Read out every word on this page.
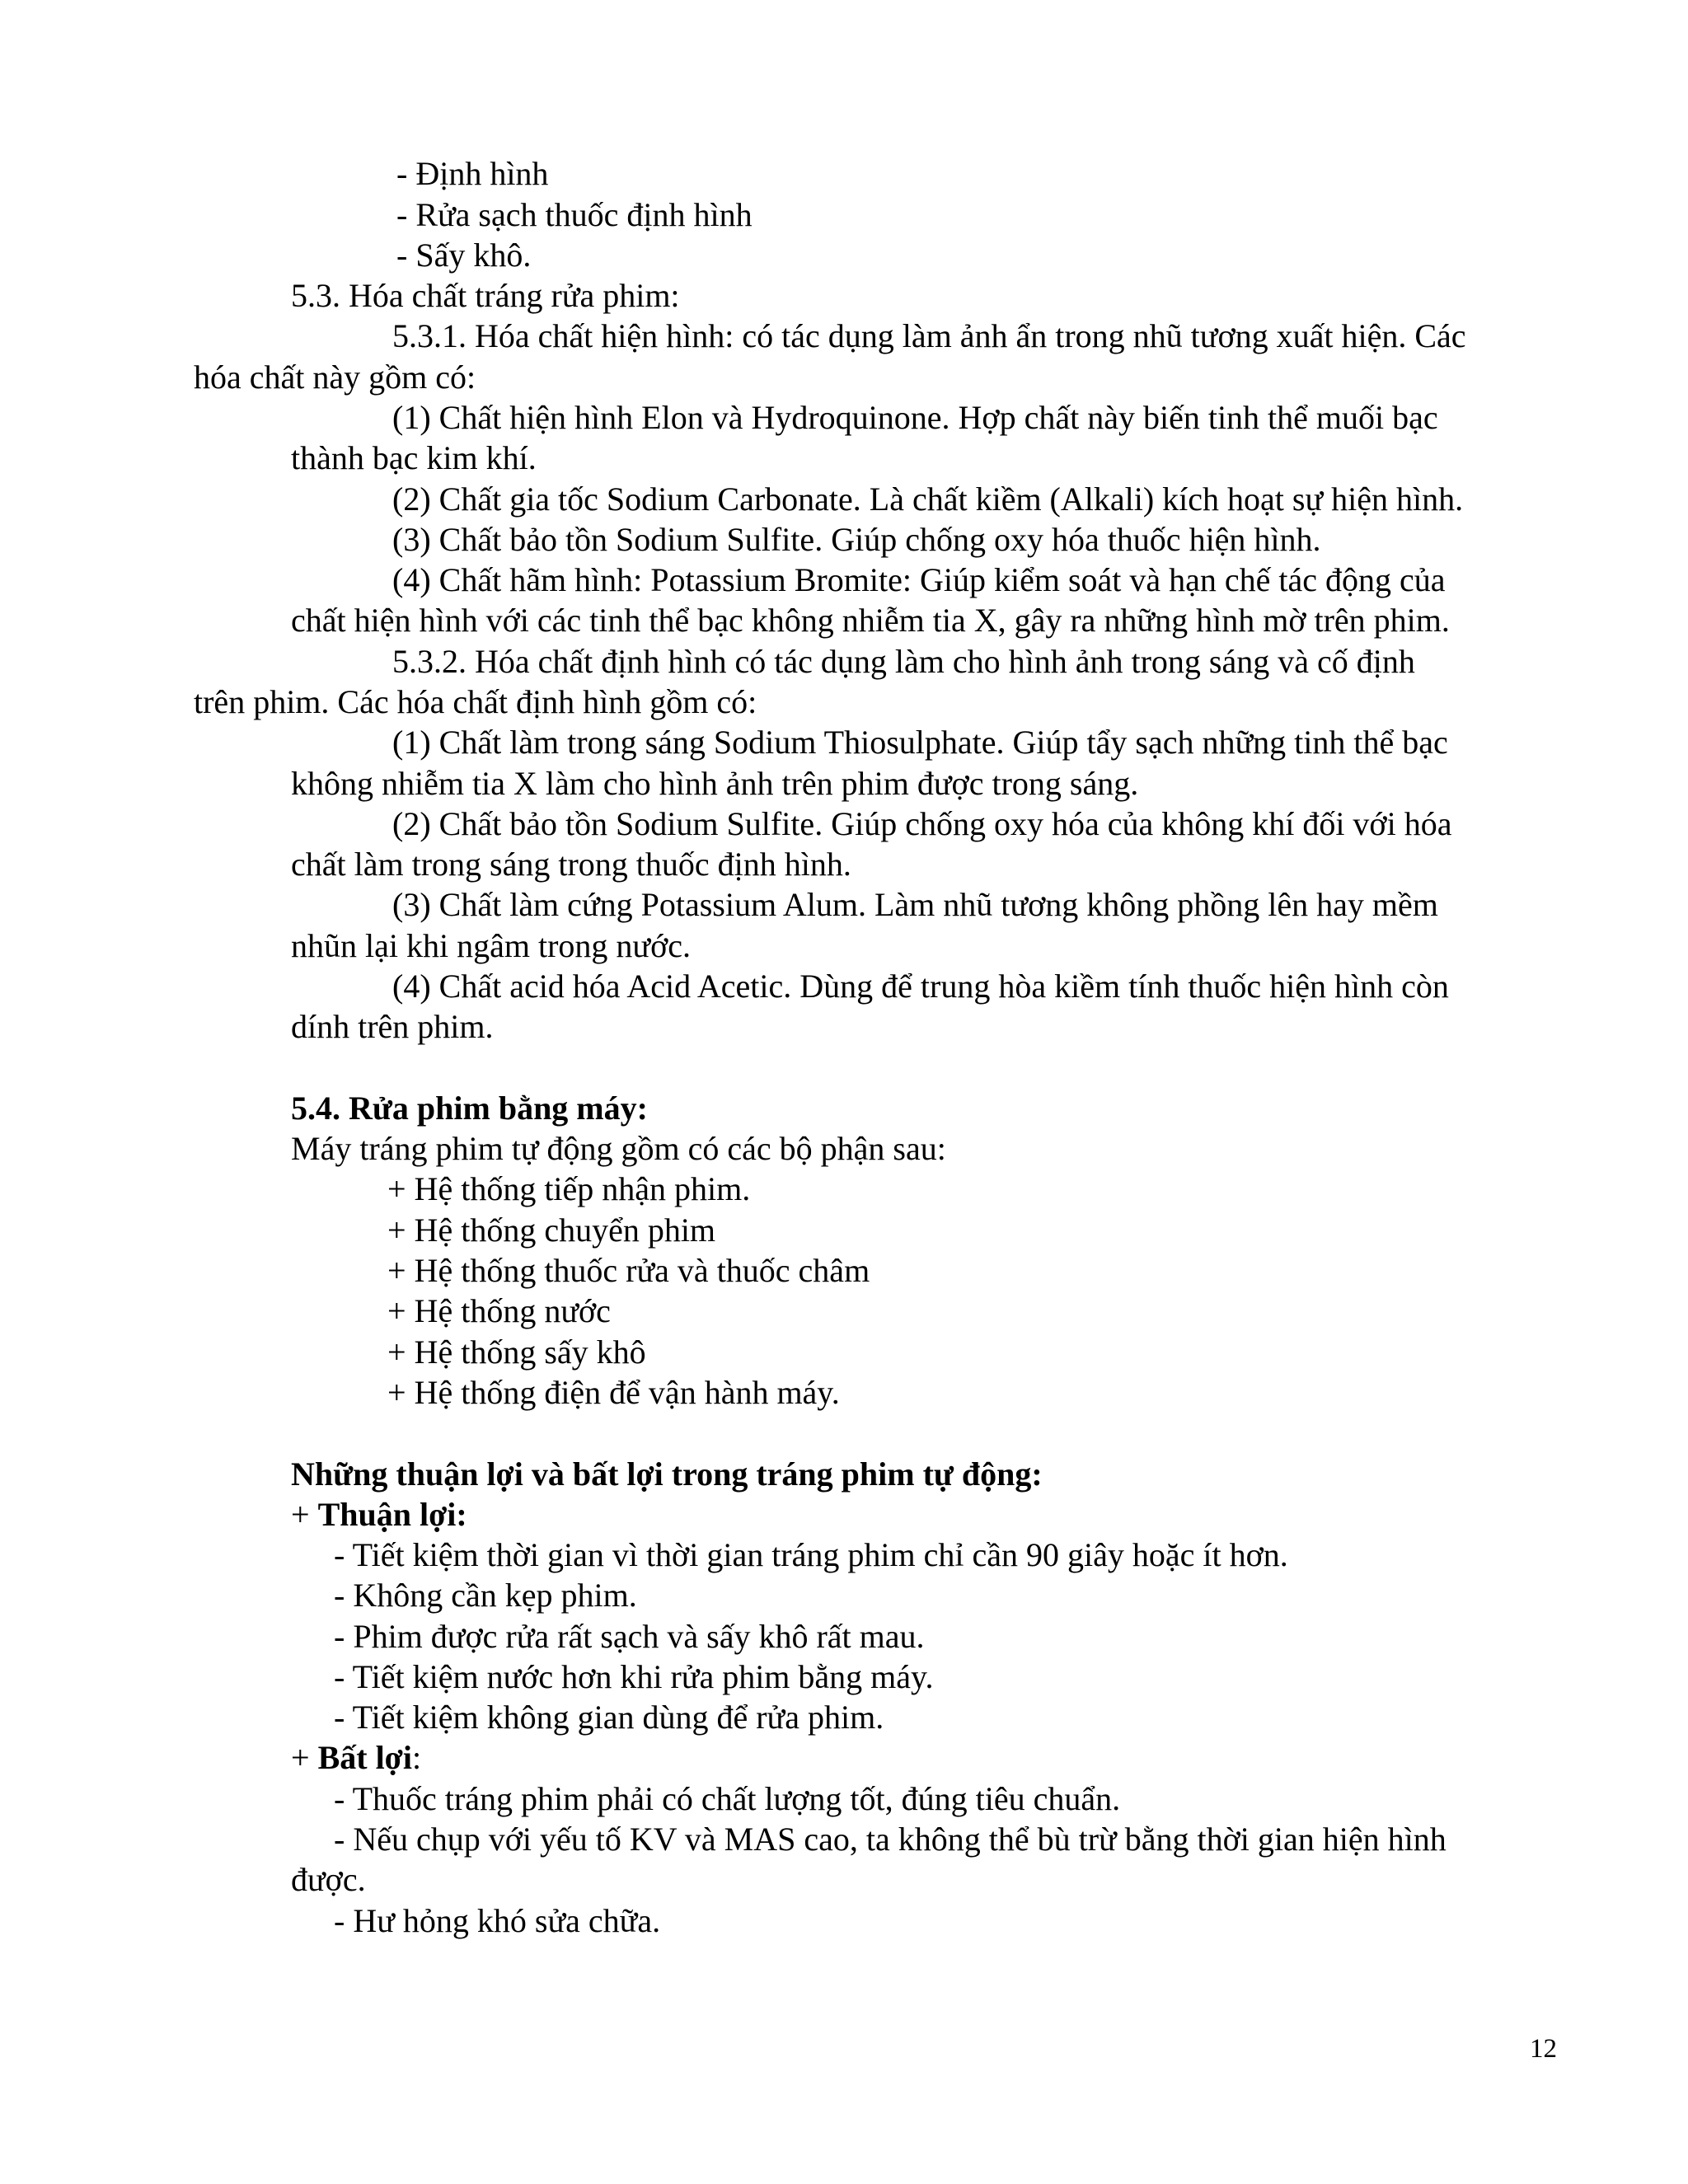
- Định hình
- Rửa sạch thuốc định hình
- Sấy khô.
5.3. Hóa chất tráng rửa phim:
5.3.1. Hóa chất hiện hình: có tác dụng làm ảnh ẩn trong nhũ tương xuất hiện. Các
hóa chất này gồm có:
(1) Chất hiện hình Elon và Hydroquinone. Hợp chất này biến tinh thể muối bạc
thành bạc kim khí.
(2) Chất gia tốc Sodium Carbonate. Là chất kiềm (Alkali) kích hoạt sự hiện hình.
(3) Chất bảo tồn Sodium Sulfite. Giúp chống oxy hóa thuốc hiện hình.
(4) Chất hãm hình: Potassium Bromite: Giúp kiểm soát và hạn chế tác động của
chất hiện hình với các tinh thể bạc không nhiễm tia X, gây ra những hình mờ trên phim.
5.3.2. Hóa chất định hình có tác dụng làm cho hình ảnh trong sáng và cố định
trên phim. Các hóa chất định hình gồm có:
(1) Chất làm trong sáng Sodium Thiosulphate. Giúp tẩy sạch những tinh thể bạc
không nhiễm tia X làm cho hình ảnh trên phim được trong sáng.
(2) Chất bảo tồn Sodium Sulfite. Giúp chống oxy hóa của không khí đối với hóa
chất làm trong sáng trong thuốc định hình.
(3) Chất làm cứng Potassium Alum. Làm nhũ tương không phồng lên hay mềm
nhũn lại khi ngâm trong nước.
(4) Chất acid hóa Acid Acetic. Dùng để trung hòa kiềm tính thuốc hiện hình còn
dính trên phim.
5.4. Rửa phim bằng máy:
Máy tráng phim tự động gồm có các bộ phận sau:
+ Hệ thống tiếp nhận phim.
+ Hệ thống chuyển phim
+ Hệ thống thuốc rửa và thuốc châm
+ Hệ thống nước
+ Hệ thống sấy khô
+ Hệ thống điện để vận hành máy.
Những thuận lợi và bất lợi trong tráng phim tự động:
+ Thuận lợi:
- Tiết kiệm thời gian vì thời gian tráng phim chỉ cần 90 giây hoặc ít hơn.
- Không cần kẹp phim.
- Phim được rửa rất sạch và sấy khô rất mau.
- Tiết kiệm nước hơn khi rửa phim bằng máy.
- Tiết kiệm không gian dùng để rửa phim.
+ Bất lợi:
- Thuốc tráng phim phải có chất lượng tốt, đúng tiêu chuẩn.
- Nếu chụp với yếu tố KV và MAS cao, ta không thể bù trừ bằng thời gian hiện hình
được.
- Hư hỏng khó sửa chữa.
12
